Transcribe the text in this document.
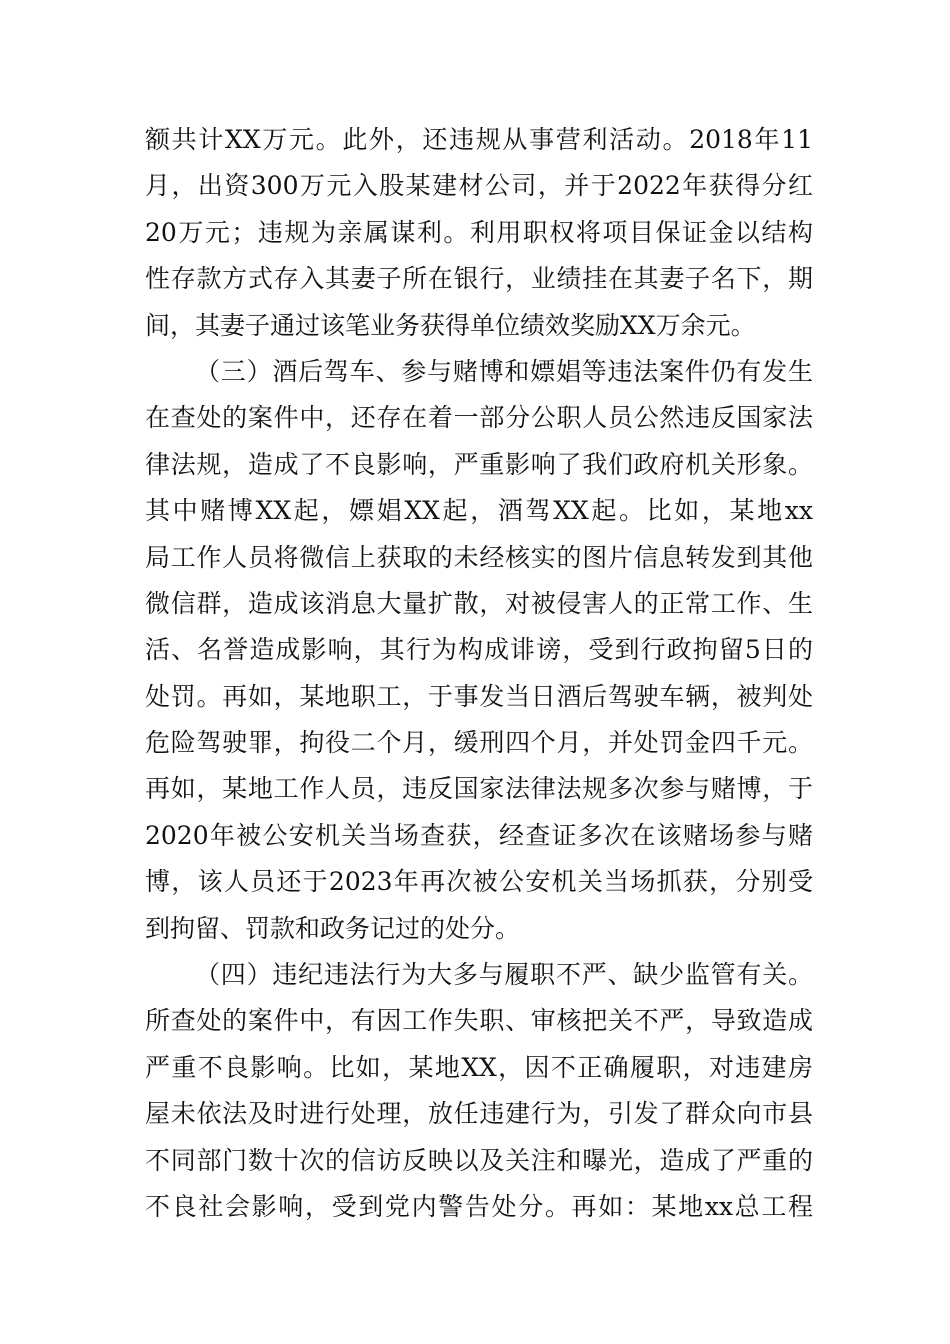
额共计XX万元。此外，还违规从事营利活动。2018年11
月，出资300万元入股某建材公司，并于2022年获得分红
20万元；违规为亲属谋利。利用职权将项目保证金以结构
性存款方式存入其妻子所在银行，业绩挂在其妻子名下，期
间，其妻子通过该笔业务获得单位绩效奖励XX万余元。
（三）酒后驾车、参与赌博和嫖娼等违法案件仍有发生
在查处的案件中，还存在着一部分公职人员公然违反国家法
律法规，造成了不良影响，严重影响了我们政府机关形象。
其中赌博XX起，嫖娼XX起，酒驾XX起。比如，某地xx
局工作人员将微信上获取的未经核实的图片信息转发到其他
微信群，造成该消息大量扩散，对被侵害人的正常工作、生
活、名誉造成影响，其行为构成诽谤，受到行政拘留5日的
处罚。再如，某地职工，于事发当日酒后驾驶车辆，被判处
危险驾驶罪，拘役二个月，缓刑四个月，并处罚金四千元。
再如，某地工作人员，违反国家法律法规多次参与赌博，于
2020年被公安机关当场查获，经查证多次在该赌场参与赌
博，该人员还于2023年再次被公安机关当场抓获，分别受
到拘留、罚款和政务记过的处分。
（四）违纪违法行为大多与履职不严、缺少监管有关。
所查处的案件中，有因工作失职、审核把关不严，导致造成
严重不良影响。比如，某地XX，因不正确履职，对违建房
屋未依法及时进行处理，放任违建行为，引发了群众向市县
不同部门数十次的信访反映以及关注和曝光，造成了严重的
不良社会影响，受到党内警告处分。再如：某地xx总工程
